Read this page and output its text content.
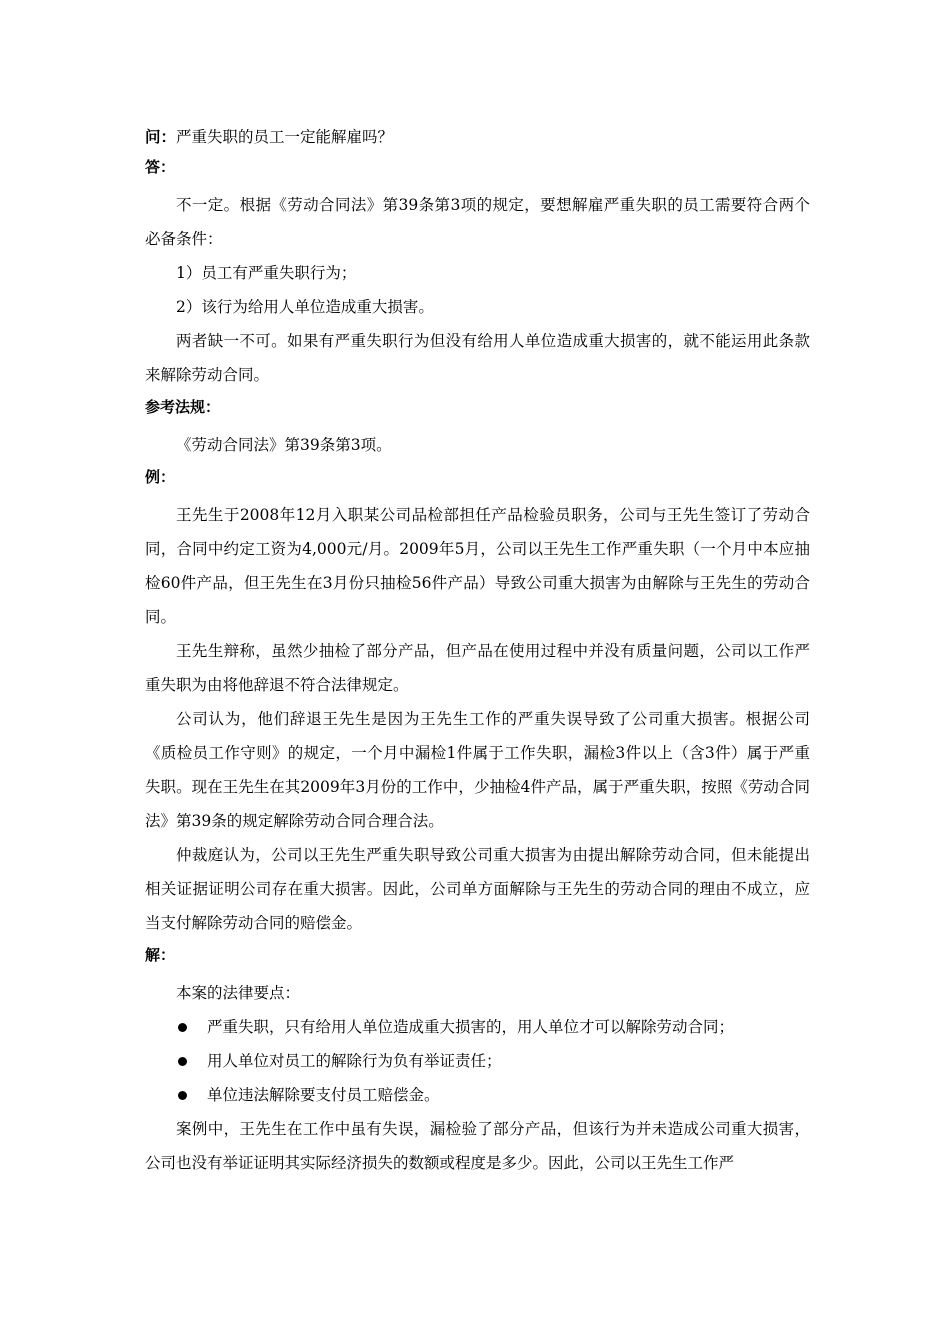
问：严重失职的员工一定能解雇吗？

答：

不一定。根据《劳动合同法》第39条第3项的规定，要想解雇严重失职的员工需要符合两个必备条件：

1）员工有严重失职行为；

2）该行为给用人单位造成重大损害。

两者缺一不可。如果有严重失职行为但没有给用人单位造成重大损害的，就不能运用此条款来解除劳动合同。

参考法规：

《劳动合同法》第39条第3项。

例：

王先生于2008年12月入职某公司品检部担任产品检验员职务，公司与王先生签订了劳动合同，合同中约定工资为4,000元/月。2009年5月，公司以王先生工作严重失职（一个月中本应抽检60件产品，但王先生在3月份只抽检56件产品）导致公司重大损害为由解除与王先生的劳动合同。

王先生辩称，虽然少抽检了部分产品，但产品在使用过程中并没有质量问题，公司以工作严重失职为由将他辞退不符合法律规定。

公司认为，他们辞退王先生是因为王先生工作的严重失误导致了公司重大损害。根据公司《质检员工作守则》的规定，一个月中漏检1件属于工作失职，漏检3件以上（含3件）属于严重失职。现在王先生在其2009年3月份的工作中，少抽检4件产品，属于严重失职，按照《劳动合同法》第39条的规定解除劳动合同合理合法。

仲裁庭认为，公司以王先生严重失职导致公司重大损害为由提出解除劳动合同，但未能提出相关证据证明公司存在重大损害。因此，公司单方面解除与王先生的劳动合同的理由不成立，应当支付解除劳动合同的赔偿金。

解：

本案的法律要点：

严重失职，只有给用人单位造成重大损害的，用人单位才可以解除劳动合同；
用人单位对员工的解除行为负有举证责任；
单位违法解除要支付员工赔偿金。

案例中，王先生在工作中虽有失误，漏检验了部分产品，但该行为并未造成公司重大损害，公司也没有举证证明其实际经济损失的数额或程度是多少。因此，公司以王先生工作严
